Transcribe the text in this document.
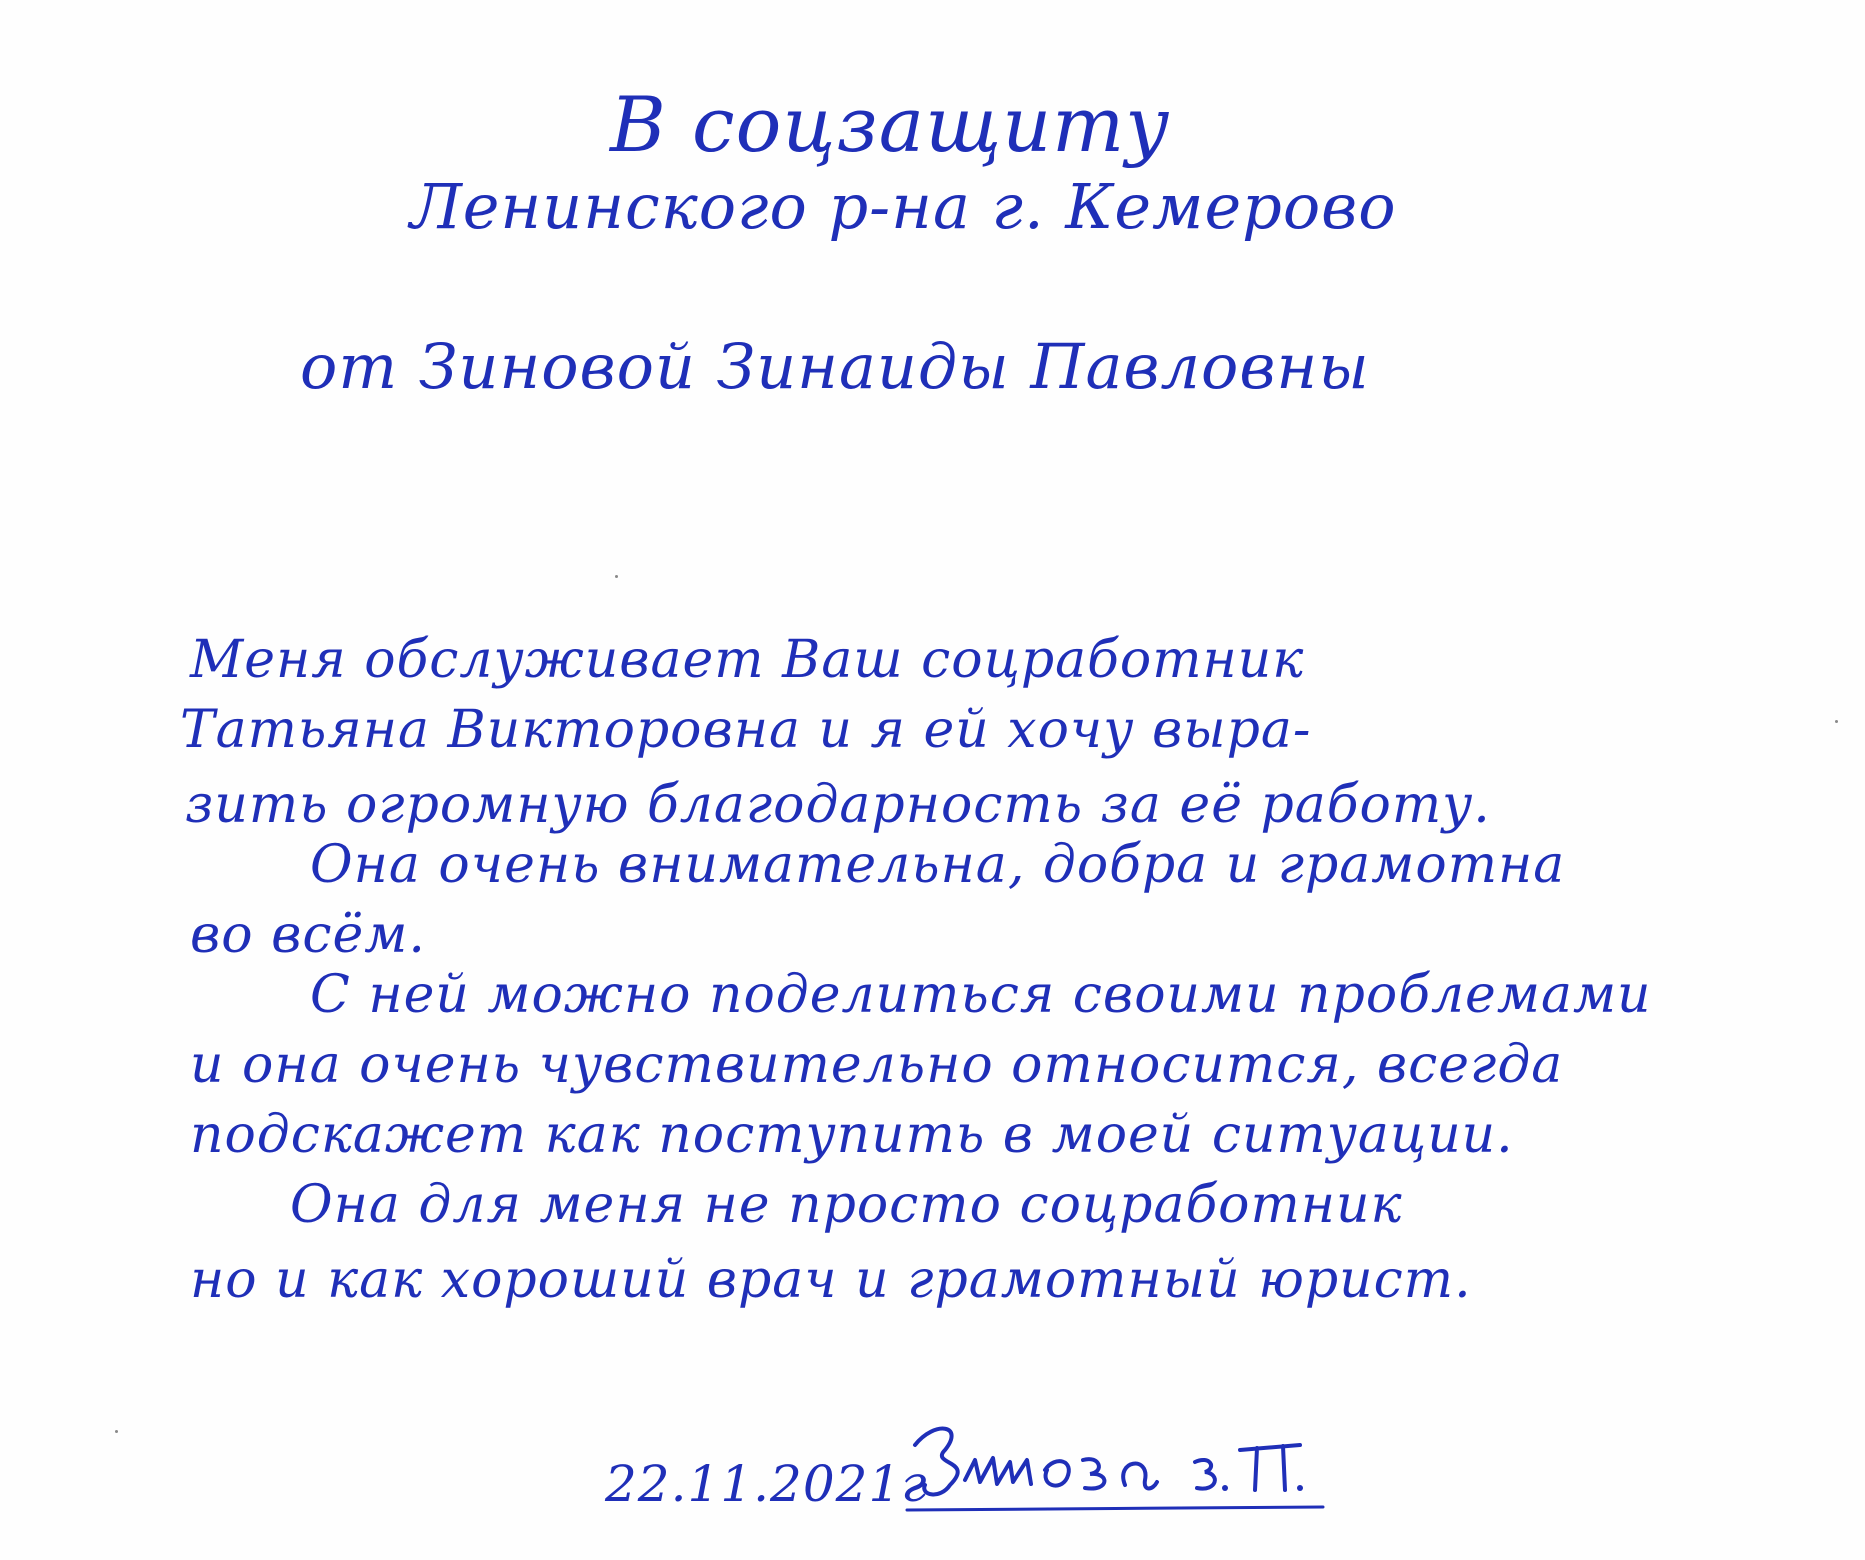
В соцзащиту
Ленинского р-на г. Кемерово
от Зиновой Зинаиды Павловны
Меня обслуживает Ваш соцработник
Татьяна Викторовна и я ей хочу выра-
зить огромную благодарность за её работу.
Она очень внимательна, добра и грамотна
во всём.
С ней можно поделиться своими проблемами
и она очень чувствительно относится, всегда
подскажет как поступить в моей ситуации.
Она для меня не просто соцработник
но и как хороший врач и грамотный юрист.
22.11.2021г
